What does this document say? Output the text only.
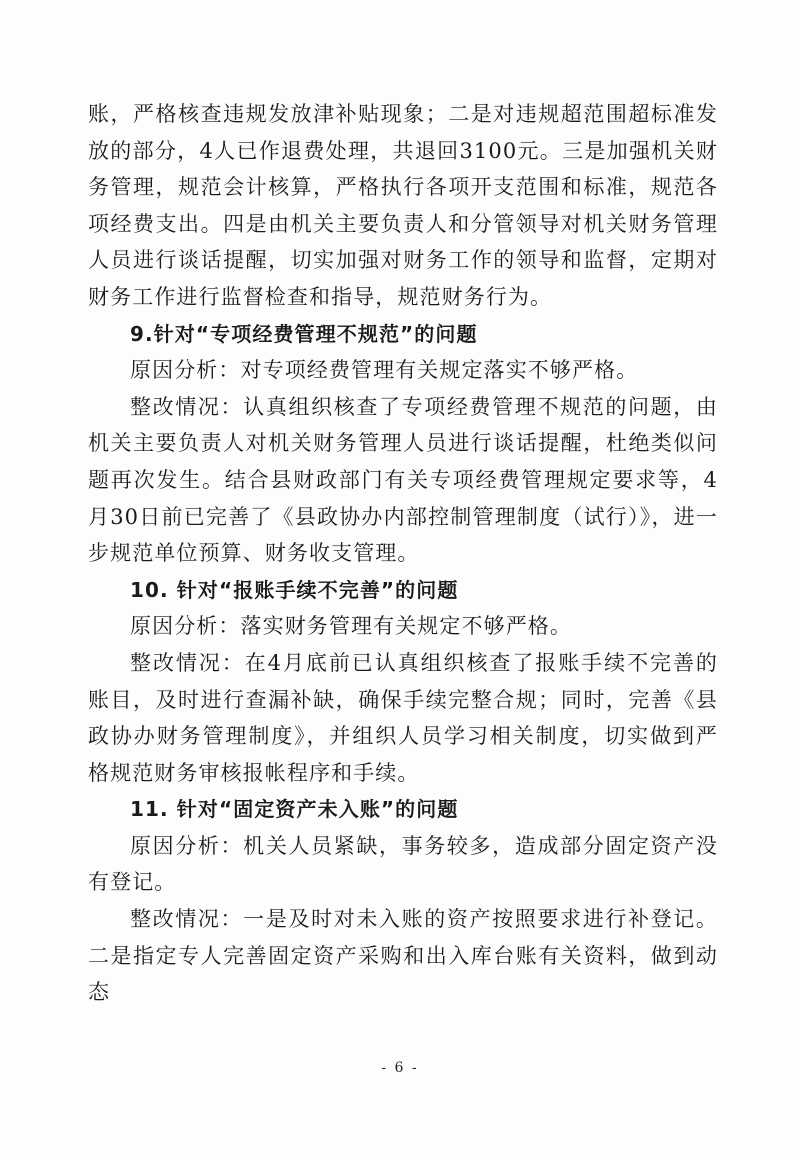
账，严格核查违规发放津补贴现象；二是对违规超范围超标准发放的部分，4人已作退费处理，共退回3100元。三是加强机关财务管理，规范会计核算，严格执行各项开支范围和标准，规范各项经费支出。四是由机关主要负责人和分管领导对机关财务管理人员进行谈话提醒，切实加强对财务工作的领导和监督，定期对财务工作进行监督检查和指导，规范财务行为。

9.针对“专项经费管理不规范”的问题

原因分析：对专项经费管理有关规定落实不够严格。

整改情况：认真组织核查了专项经费管理不规范的问题，由机关主要负责人对机关财务管理人员进行谈话提醒，杜绝类似问题再次发生。结合县财政部门有关专项经费管理规定要求等，4月30日前已完善了《县政协办内部控制管理制度（试行）》，进一步规范单位预算、财务收支管理。

10. 针对“报账手续不完善”的问题

原因分析：落实财务管理有关规定不够严格。

整改情况：在4月底前已认真组织核查了报账手续不完善的账目，及时进行查漏补缺，确保手续完整合规；同时，完善《县政协办财务管理制度》，并组织人员学习相关制度，切实做到严格规范财务审核报帐程序和手续。

11. 针对“固定资产未入账”的问题

原因分析：机关人员紧缺，事务较多，造成部分固定资产没有登记。

整改情况：一是及时对未入账的资产按照要求进行补登记。二是指定专人完善固定资产采购和出入库台账有关资料，做到动态

- 6 -
